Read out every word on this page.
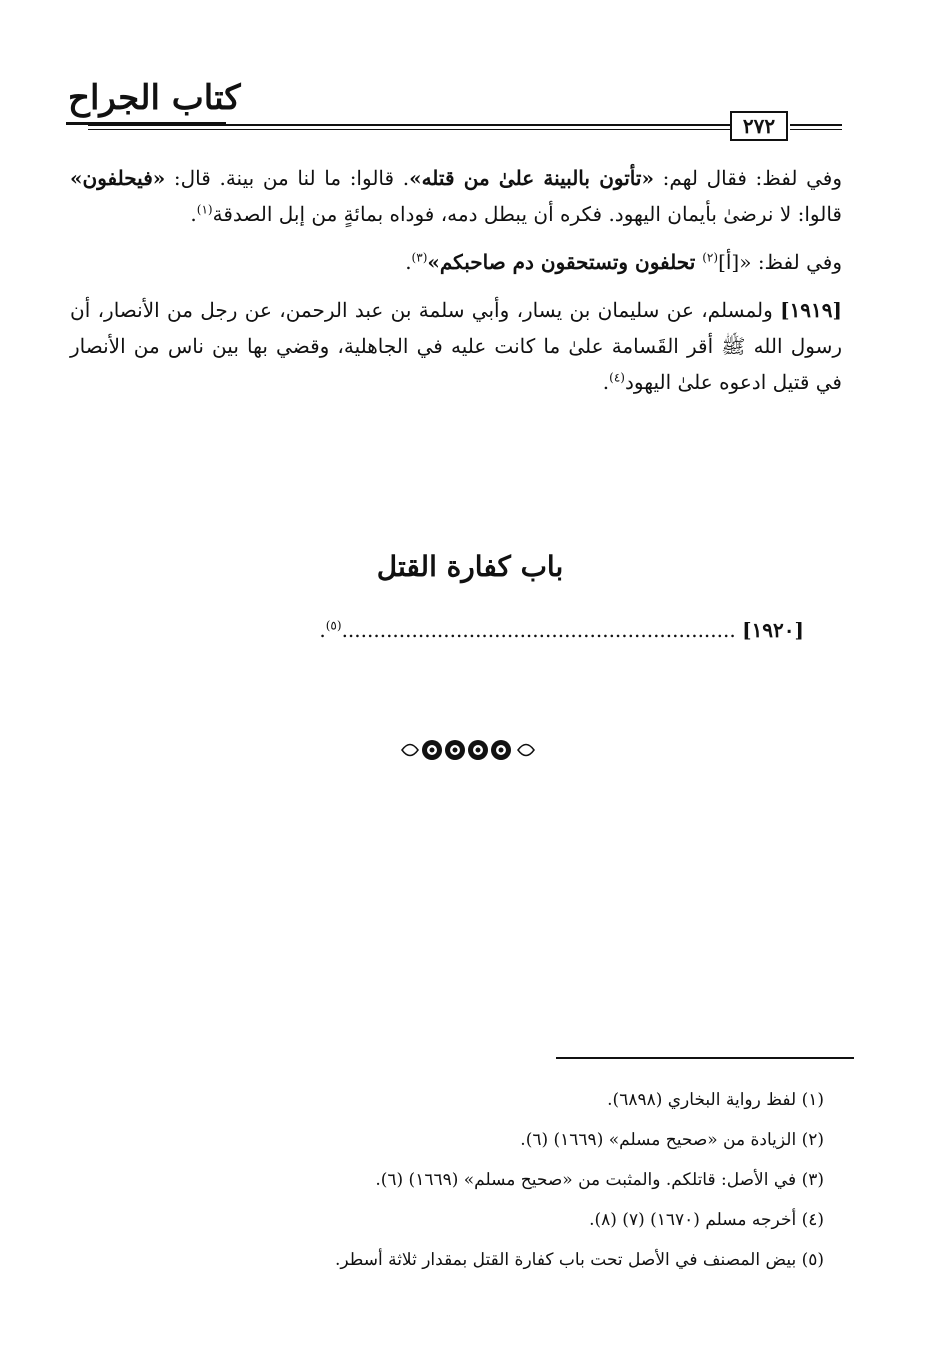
كتاب الجراح
٢٧٢

وفي لفظ: فقال لهم: «تأتون بالبينة علىٰ من قتله». قالوا: ما لنا من بينة. قال: «فيحلفون» قالوا: لا نرضىٰ بأيمان اليهود. فكره أن يبطل دمه، فوداه بمائةٍ من إبل الصدقة$^{(١)}$.

وفي لفظ: «[أ]$^{(٢)}$ تحلفون وتستحقون دم صاحبكم»$^{(٣)}$.

[١٩١٩] ولمسلم، عن سليمان بن يسار، وأبي سلمة بن عبد الرحمن، عن رجل من الأنصار، أن رسول الله ﷺ أقر القَسامة علىٰ ما كانت عليه في الجاهلية، وقضي بها بين ناس من الأنصار في قتيل ادعوه علىٰ اليهود$^{(٤)}$.

باب كفارة القتل
[١٩٢٠] ..............................................................$^{(٥)}$.

(١) لفظ رواية البخاري (٦٨٩٨).

(٢) الزيادة من «صحيح مسلم» (١٦٦٩) (٦).

(٣) في الأصل: قاتلكم. والمثبت من «صحيح مسلم» (١٦٦٩) (٦).

(٤) أخرجه مسلم (١٦٧٠) (٧) (٨).

(٥) بيض المصنف في الأصل تحت باب كفارة القتل بمقدار ثلاثة أسطر.
